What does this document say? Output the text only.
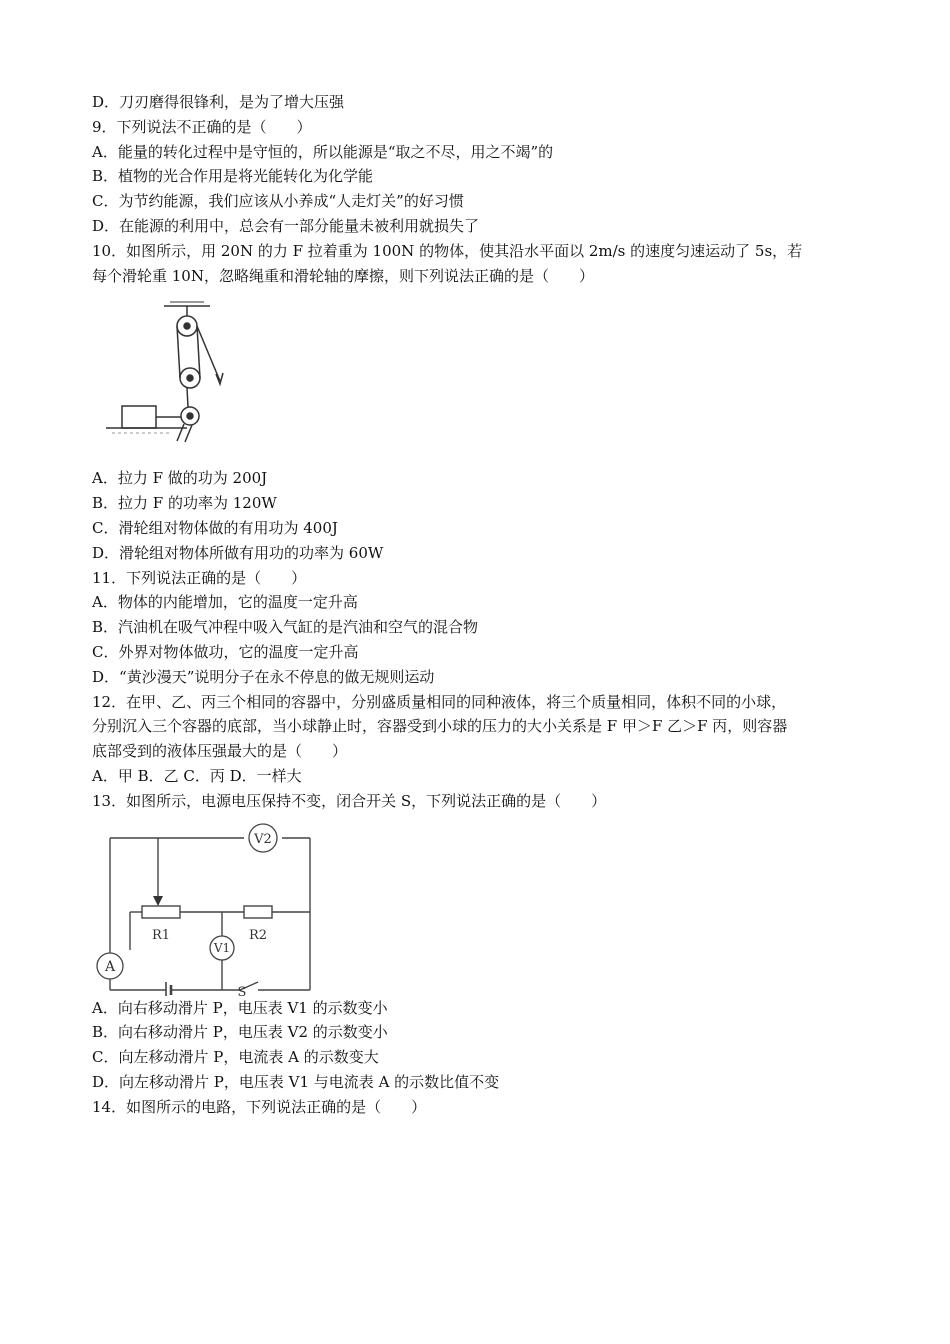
D．刀刃磨得很锋利，是为了增大压强
9．下列说法不正确的是（　　）
A．能量的转化过程中是守恒的，所以能源是“取之不尽，用之不竭”的
B．植物的光合作用是将光能转化为化学能
C．为节约能源，我们应该从小养成“人走灯关”的好习惯
D．在能源的利用中，总会有一部分能量未被利用就损失了
10．如图所示，用 20N 的力 F 拉着重为 100N 的物体，使其沿水平面以 2m/s 的速度匀速运动了 5s，若
每个滑轮重 10N，忽略绳重和滑轮轴的摩擦，则下列说法正确的是（　　）
A．拉力 F 做的功为 200J
B．拉力 F 的功率为 120W
C．滑轮组对物体做的有用功为 400J
D．滑轮组对物体所做有用功的功率为 60W
11．下列说法正确的是（　　）
A．物体的内能增加，它的温度一定升高
B．汽油机在吸气冲程中吸入气缸的是汽油和空气的混合物
C．外界对物体做功，它的温度一定升高
D．“黄沙漫天”说明分子在永不停息的做无规则运动
12．在甲、乙、丙三个相同的容器中，分别盛质量相同的同种液体，将三个质量相同，体积不同的小球，
分别沉入三个容器的底部，当小球静止时，容器受到小球的压力的大小关系是 F 甲＞F 乙＞F 丙，则容器
底部受到的液体压强最大的是（　　）
A．甲 B．乙 C．丙 D．一样大
13．如图所示，电源电压保持不变，闭合开关 S，下列说法正确的是（　　）
V2
V1
A
R1	R2
S
A．向右移动滑片 P，电压表 V1 的示数变小
B．向右移动滑片 P，电压表 V2 的示数变小
C．向左移动滑片 P，电流表 A 的示数变大
D．向左移动滑片 P，电压表 V1 与电流表 A 的示数比值不变
14．如图所示的电路，下列说法正确的是（　　）
